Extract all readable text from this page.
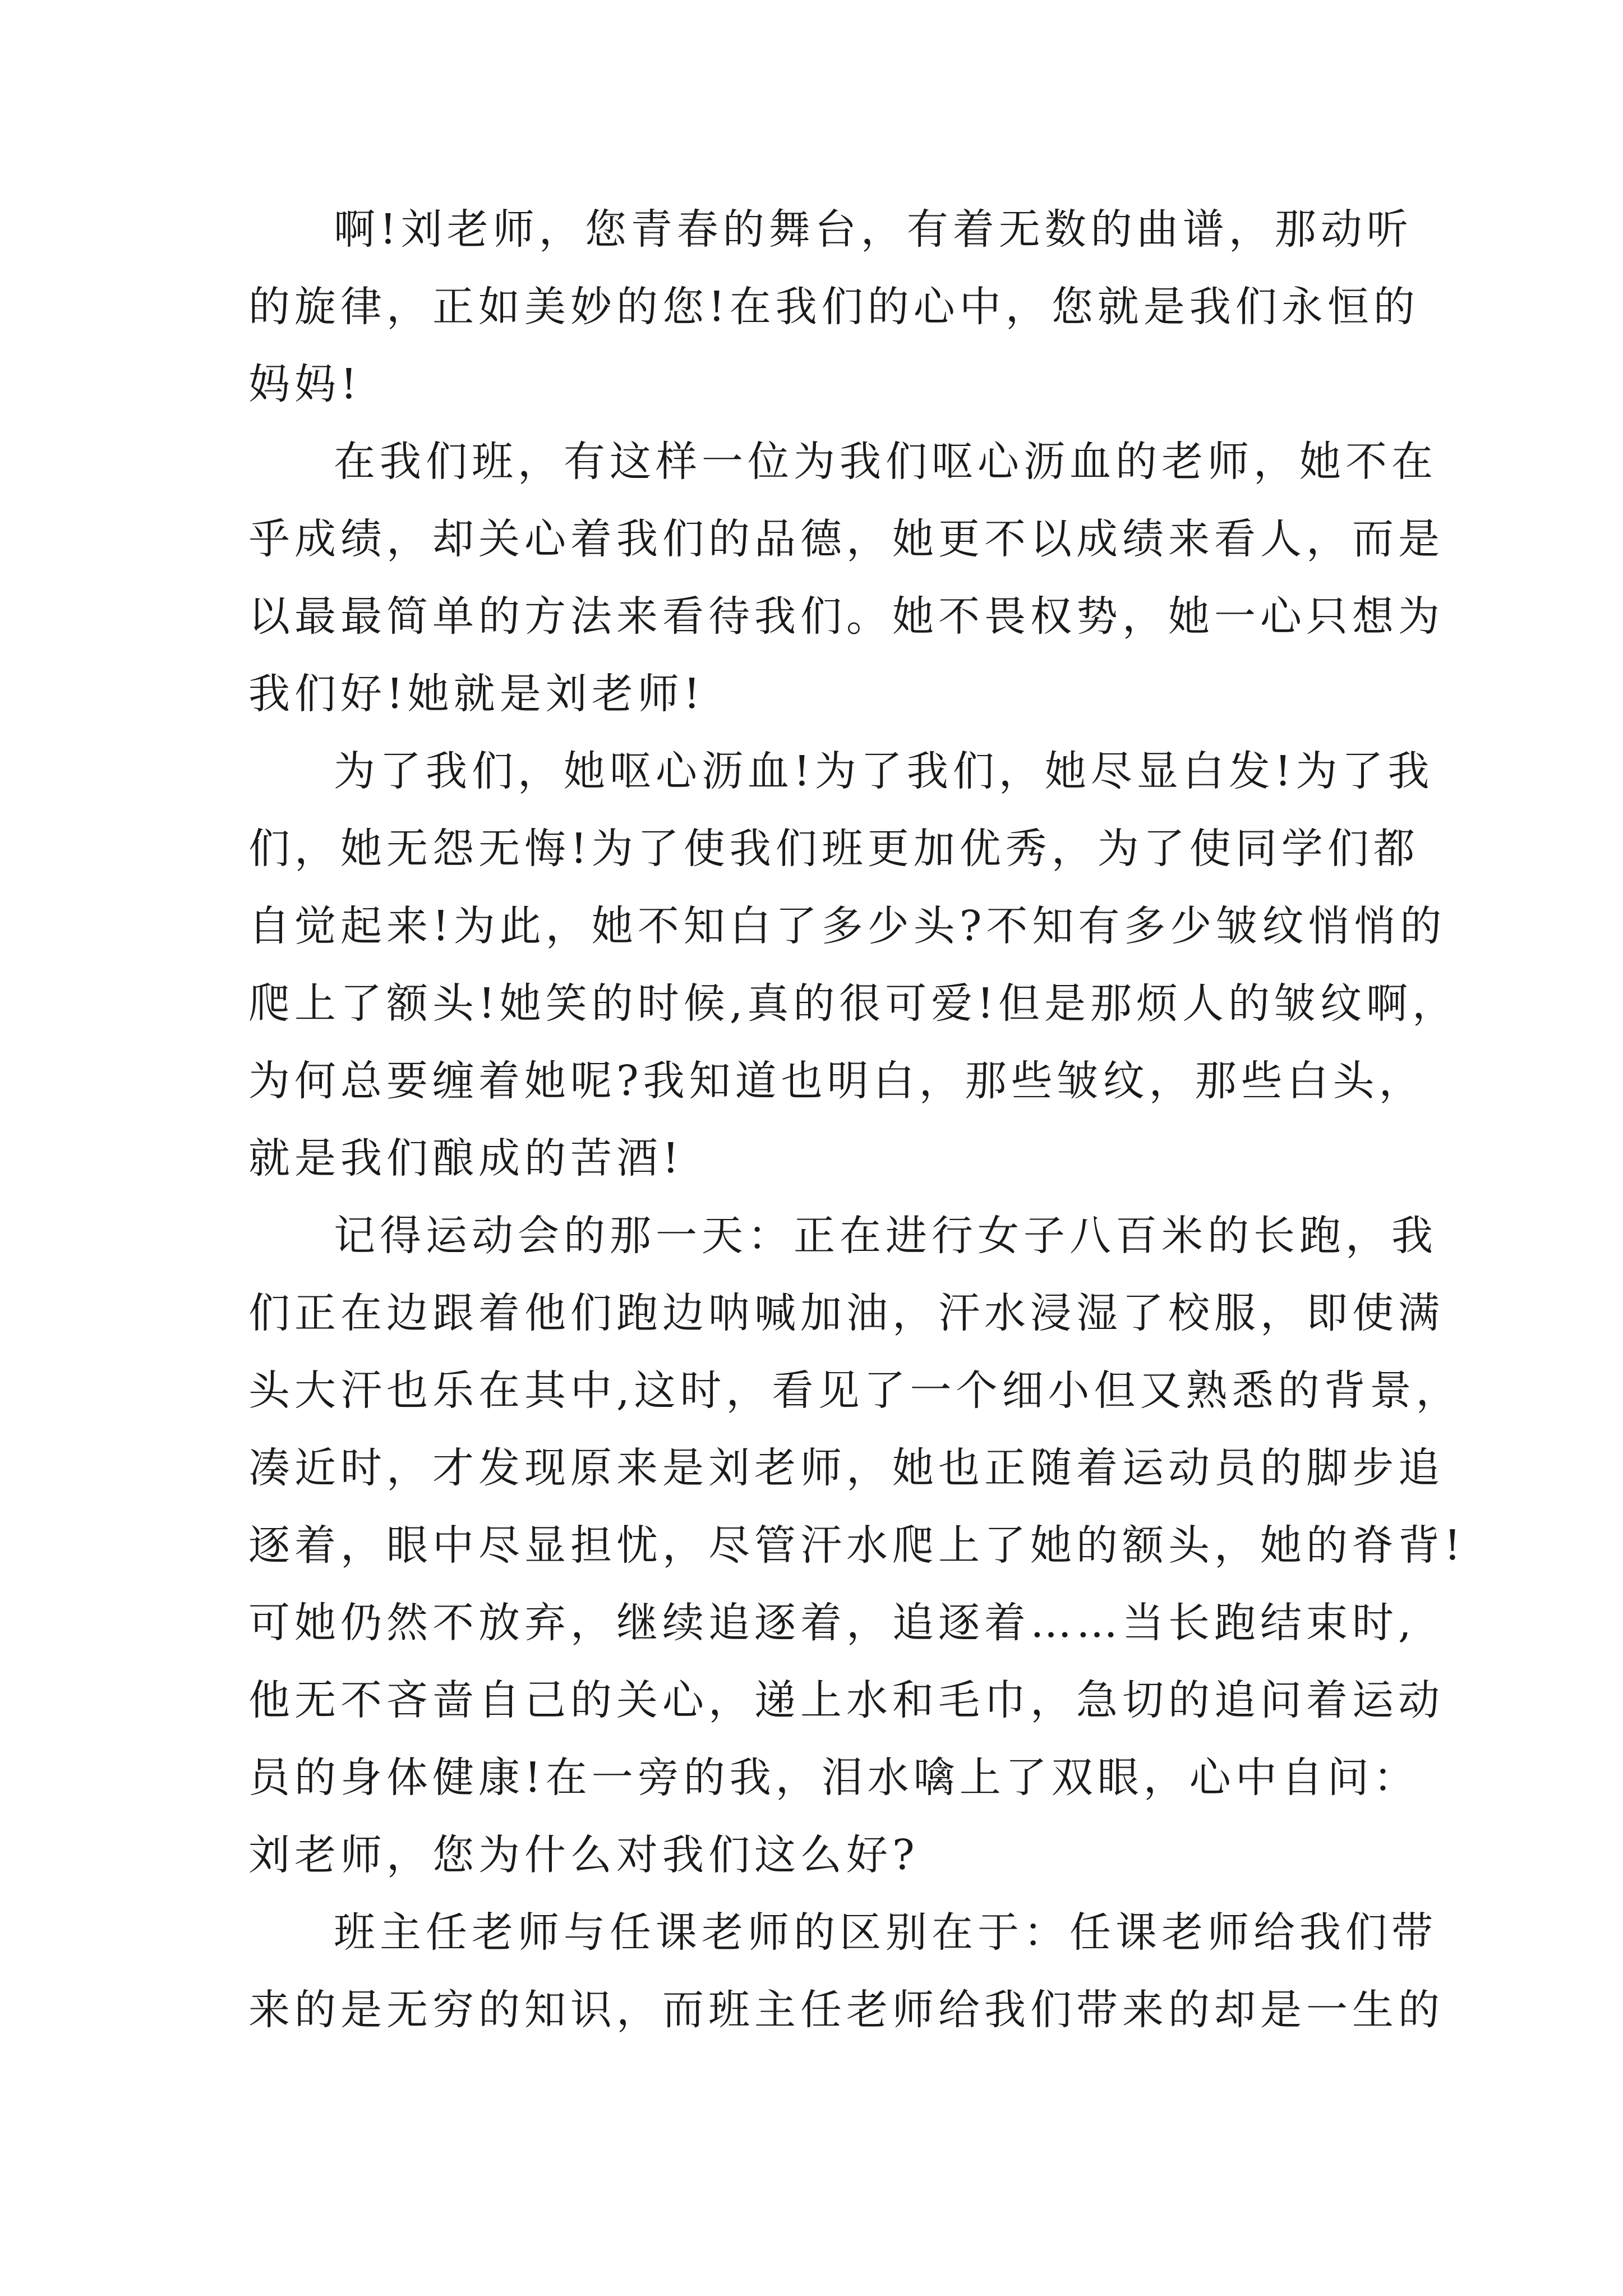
啊!刘老师，您青春的舞台，有着无数的曲谱，那动听
的旋律，正如美妙的您!在我们的心中，您就是我们永恒的
妈妈!
在我们班，有这样一位为我们呕心沥血的老师，她不在
乎成绩，却关心着我们的品德，她更不以成绩来看人，而是
以最最简单的方法来看待我们。她不畏权势，她一心只想为
我们好!她就是刘老师!
为了我们，她呕心沥血!为了我们，她尽显白发!为了我
们，她无怨无悔!为了使我们班更加优秀，为了使同学们都
自觉起来!为此，她不知白了多少头?不知有多少皱纹悄悄的
爬上了额头!她笑的时候,真的很可爱!但是那烦人的皱纹啊，
为何总要缠着她呢?我知道也明白，那些皱纹，那些白头，
就是我们酿成的苦酒!
记得运动会的那一天：正在进行女子八百米的长跑，我
们正在边跟着他们跑边呐喊加油，汗水浸湿了校服，即使满
头大汗也乐在其中,这时，看见了一个细小但又熟悉的背景，
凑近时，才发现原来是刘老师，她也正随着运动员的脚步追
逐着，眼中尽显担忧，尽管汗水爬上了她的额头，她的脊背!
可她仍然不放弃，继续追逐着，追逐着……当长跑结束时,
他无不吝啬自己的关心，递上水和毛巾，急切的追问着运动
员的身体健康!在一旁的我，泪水噙上了双眼，心中自问：
刘老师，您为什么对我们这么好?
班主任老师与任课老师的区别在于：任课老师给我们带
来的是无穷的知识，而班主任老师给我们带来的却是一生的
